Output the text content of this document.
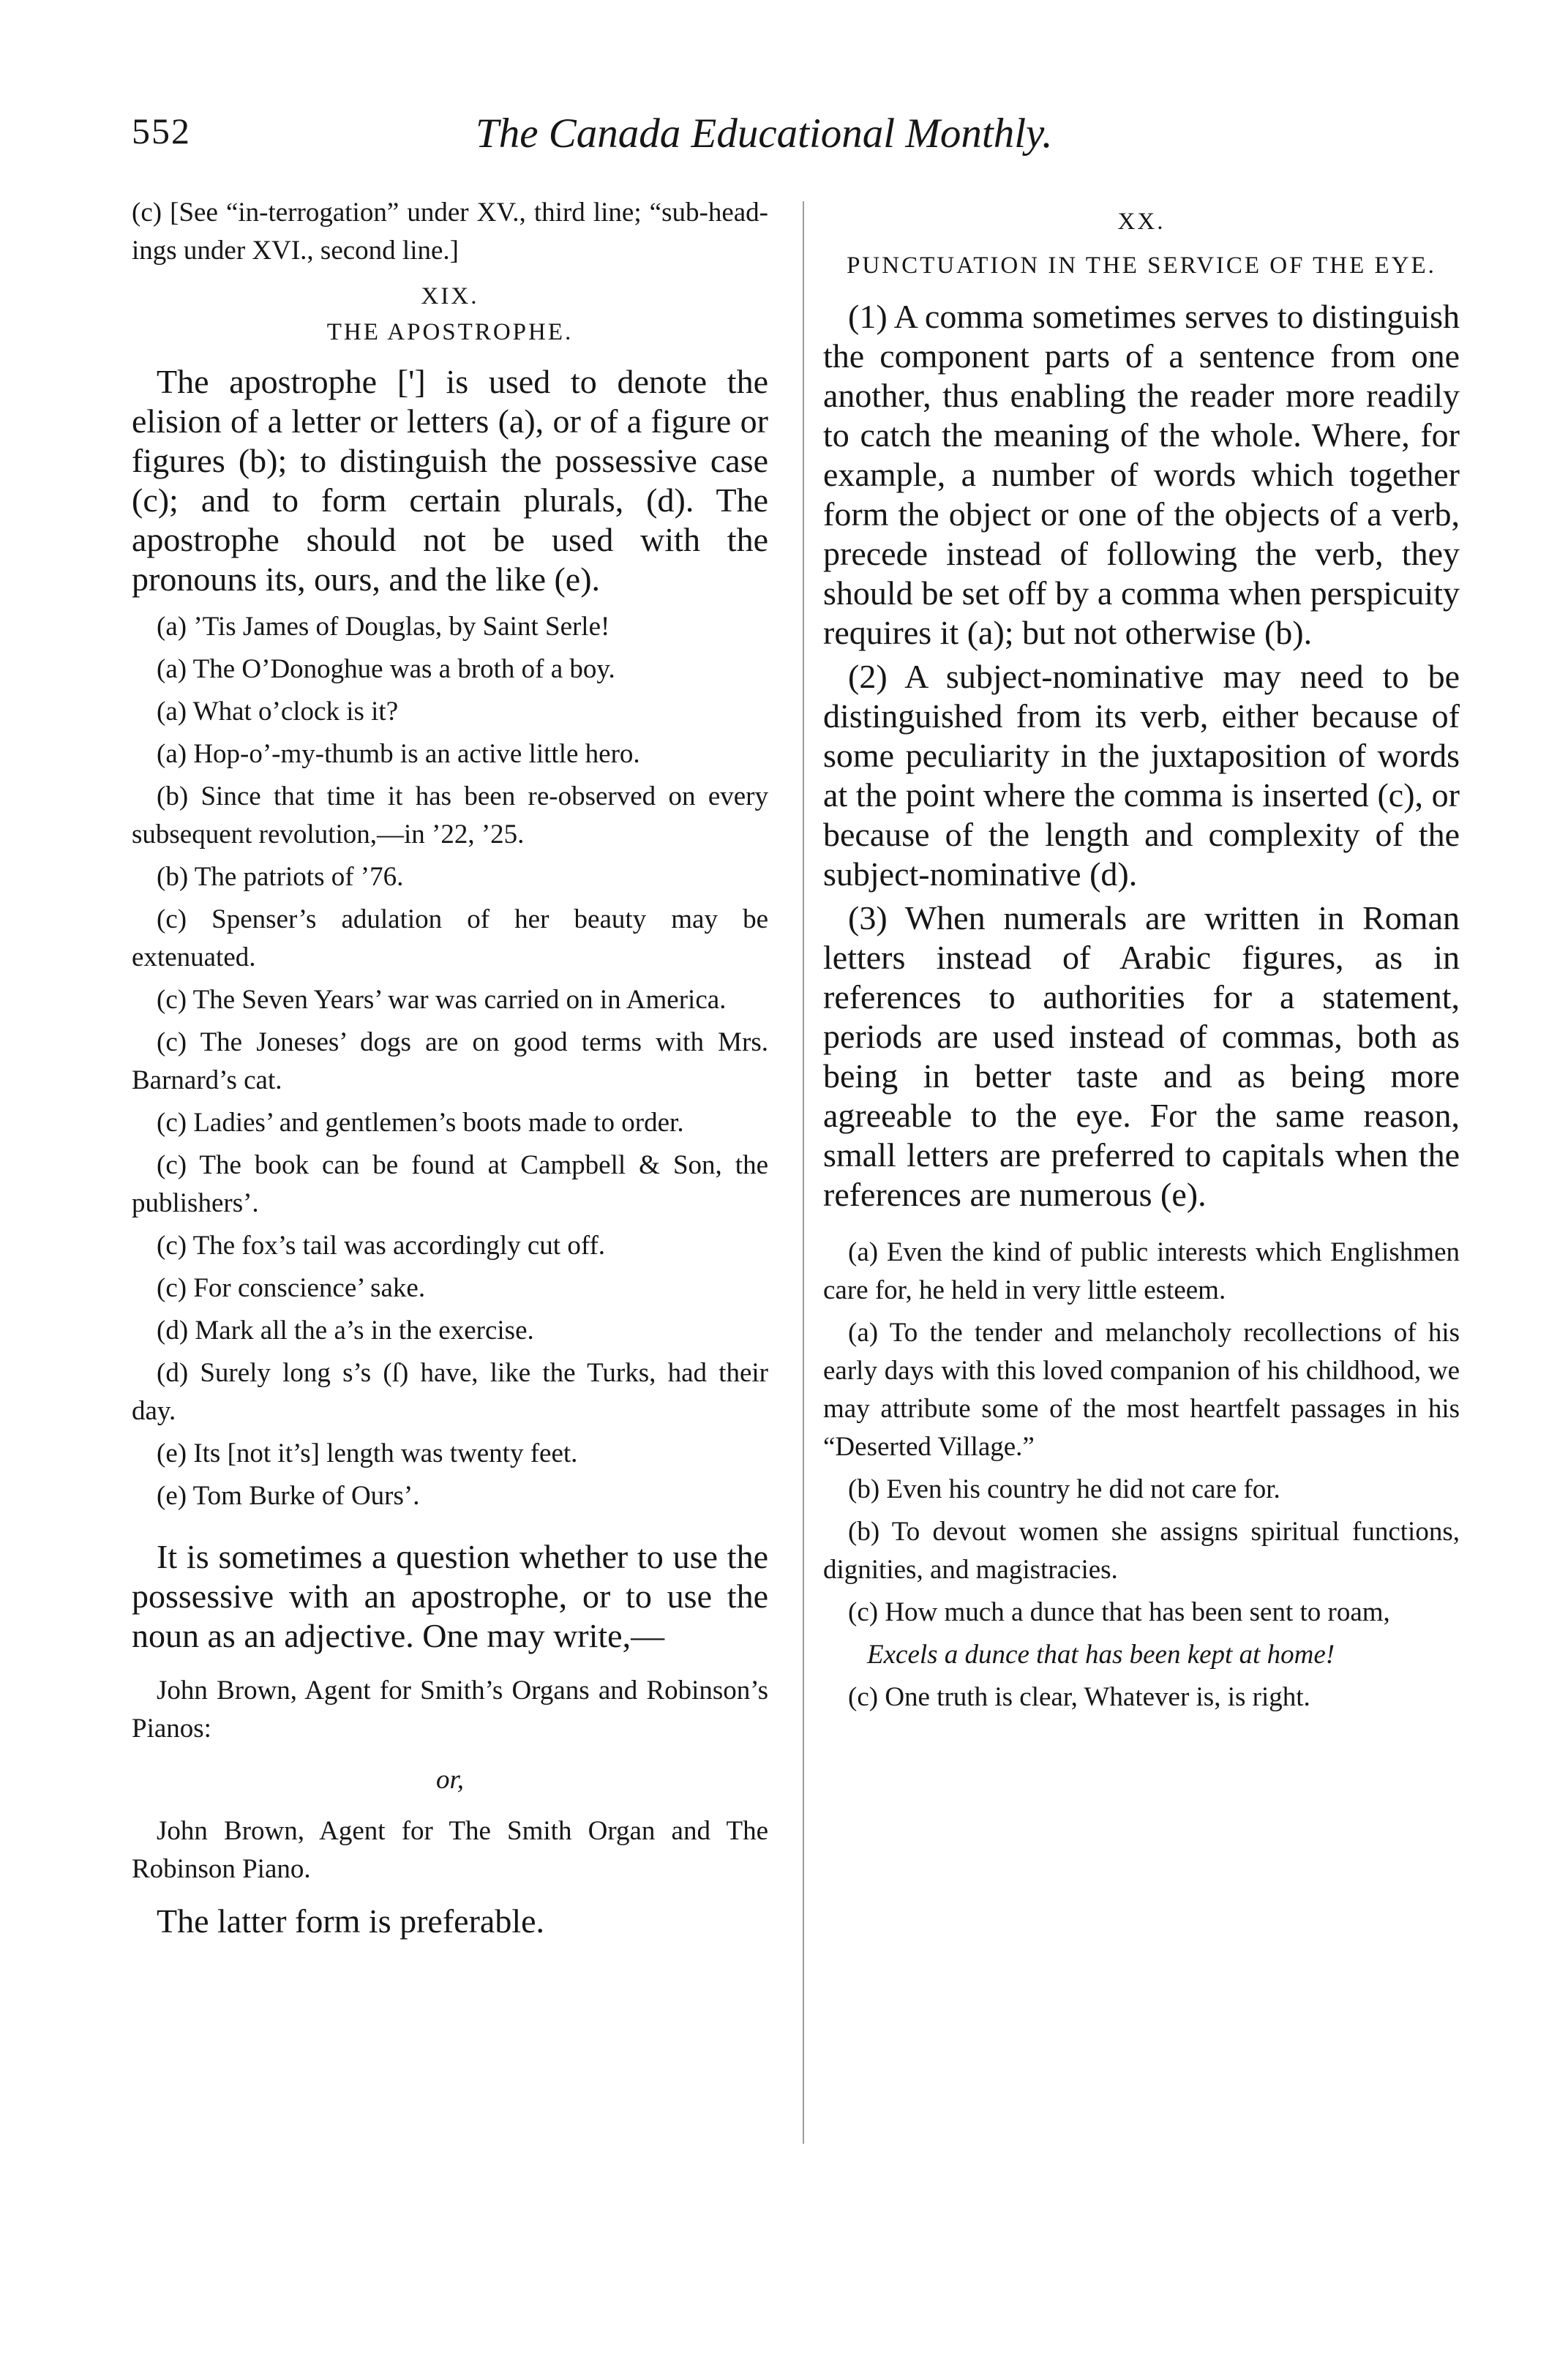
552	The Canada Educational Monthly.

(c) [See “in-terrogation” under XV., third line; “sub-head-ings under XVI., second line.]

XIX.
THE APOSTROPHE.

The apostrophe ['] is used to denote the elision of a letter or letters (a), or of a figure or figures (b); to distinguish the possessive case (c); and to form certain plurals, (d). The apostrophe should not be used with the pronouns its, ours, and the like (e).

(a) ’Tis James of Douglas, by Saint Serle!

(a) The O’Donoghue was a broth of a boy.

(a) What o’clock is it?

(a) Hop-o’-my-thumb is an active little hero.

(b) Since that time it has been re-observed on every subsequent revolution,—in ’22, ’25.

(b) The patriots of ’76.

(c) Spenser’s adulation of her beauty may be extenuated.

(c) The Seven Years’ war was carried on in America.

(c) The Joneses’ dogs are on good terms with Mrs. Barnard’s cat.

(c) Ladies’ and gentlemen’s boots made to order.

(c) The book can be found at Campbell & Son, the publishers’.

(c) The fox’s tail was accordingly cut off.

(c) For conscience’ sake.

(d) Mark all the a’s in the exercise.

(d) Surely long s’s (ſ) have, like the Turks, had their day.

(e) Its [not it’s] length was twenty feet.

(e) Tom Burke of Ours’.

It is sometimes a question whether to use the possessive with an apostrophe, or to use the noun as an adjective. One may write,—

John Brown, Agent for Smith’s Organs and Robinson’s Pianos:

or,

John Brown, Agent for The Smith Organ and The Robinson Piano.

The latter form is preferable.

XX.
PUNCTUATION IN THE SERVICE OF THE EYE.

(1) A comma sometimes serves to distinguish the component parts of a sentence from one another, thus enabling the reader more readily to catch the meaning of the whole. Where, for example, a number of words which together form the object or one of the objects of a verb, precede instead of following the verb, they should be set off by a comma when perspicuity requires it (a); but not otherwise (b).

(2) A subject-nominative may need to be distinguished from its verb, either because of some peculiarity in the juxtaposition of words at the point where the comma is inserted (c), or because of the length and complexity of the subject-nominative (d).

(3) When numerals are written in Roman letters instead of Arabic figures, as in references to authorities for a statement, periods are used instead of commas, both as being in better taste and as being more agreeable to the eye. For the same reason, small letters are preferred to capitals when the references are numerous (e).

(a) Even the kind of public interests which Englishmen care for, he held in very little esteem.

(a) To the tender and melancholy recollections of his early days with this loved companion of his childhood, we may attribute some of the most heartfelt passages in his “Deserted Village.”

(b) Even his country he did not care for.

(b) To devout women she assigns spiritual functions, dignities, and magistracies.

(c) How much a dunce that has been sent to roam,

Excels a dunce that has been kept at home!

(c) One truth is clear, Whatever is, is right.
